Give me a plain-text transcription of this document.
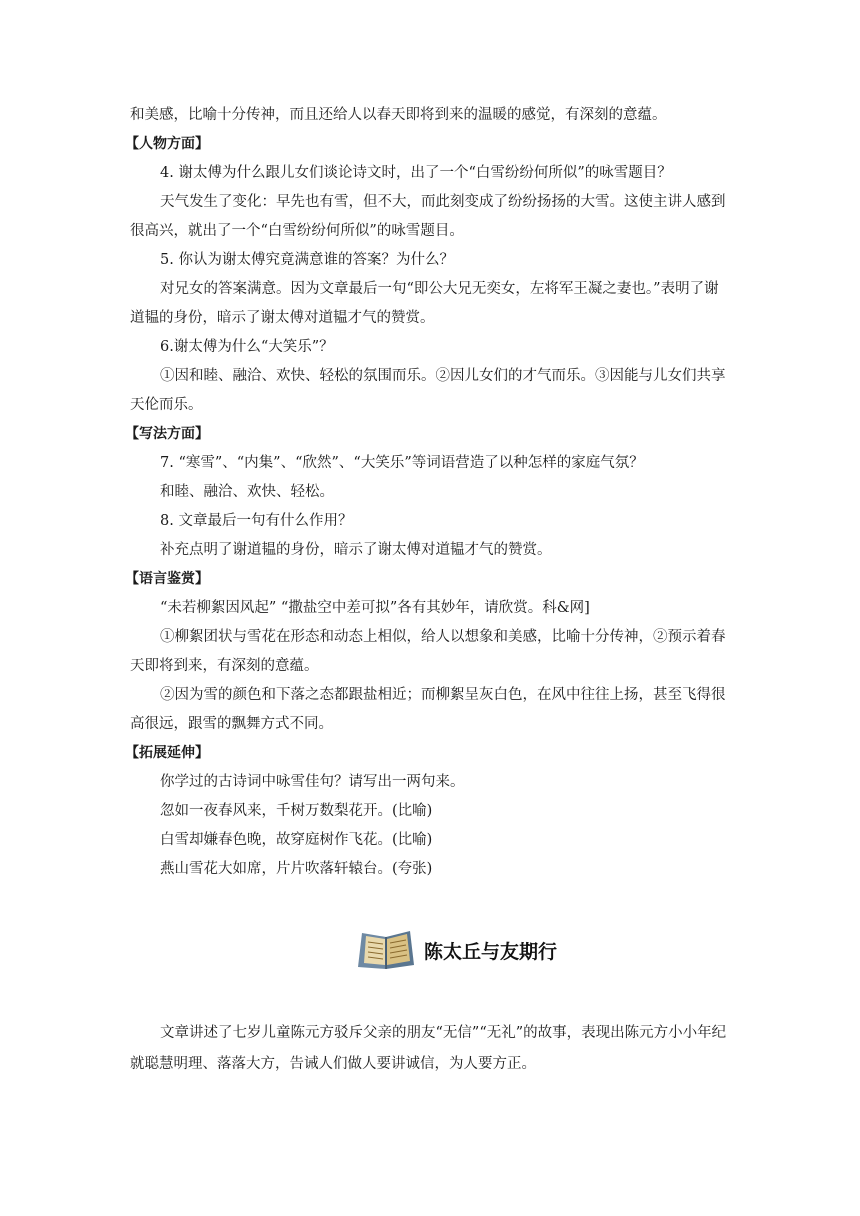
和美感，比喻十分传神，而且还给人以春天即将到来的温暖的感觉，有深刻的意蕴。

【人物方面】

4. 谢太傅为什么跟儿女们谈论诗文时，出了一个“白雪纷纷何所似”的咏雪题目？

天气发生了变化：早先也有雪，但不大，而此刻变成了纷纷扬扬的大雪。这使主讲人感到很高兴，就出了一个“白雪纷纷何所似”的咏雪题目。

5. 你认为谢太傅究竟满意谁的答案？为什么？

对兄女的答案满意。因为文章最后一句“即公大兄无奕女，左将军王凝之妻也。”表明了谢道韫的身份，暗示了谢太傅对道韫才气的赞赏。

6.谢太傅为什么“大笑乐”？

①因和睦、融洽、欢快、轻松的氛围而乐。②因儿女们的才气而乐。③因能与儿女们共享天伦而乐。

【写法方面】

7. “寒雪”、“内集”、“欣然”、“大笑乐”等词语营造了以种怎样的家庭气氛？

和睦、融洽、欢快、轻松。

8. 文章最后一句有什么作用？

补充点明了谢道韫的身份，暗示了谢太傅对道韫才气的赞赏。

【语言鉴赏】

“未若柳絮因风起” “撒盐空中差可拟”各有其妙年，请欣赏。科&网]

①柳絮团状与雪花在形态和动态上相似，给人以想象和美感，比喻十分传神，②预示着春天即将到来，有深刻的意蕴。

②因为雪的颜色和下落之态都跟盐相近；而柳絮呈灰白色，在风中往往上扬，甚至飞得很高很远，跟雪的飘舞方式不同。

【拓展延伸】

你学过的古诗词中咏雪佳句？请写出一两句来。

忽如一夜春风来，千树万数梨花开。(比喻)

白雪却嫌春色晚，故穿庭树作飞花。(比喻)

燕山雪花大如席，片片吹落轩辕台。(夸张)

陈太丘与友期行

文章讲述了七岁儿童陈元方驳斥父亲的朋友“无信”“无礼”的故事，表现出陈元方小小年纪就聪慧明理、落落大方，告诫人们做人要讲诚信，为人要方正。
